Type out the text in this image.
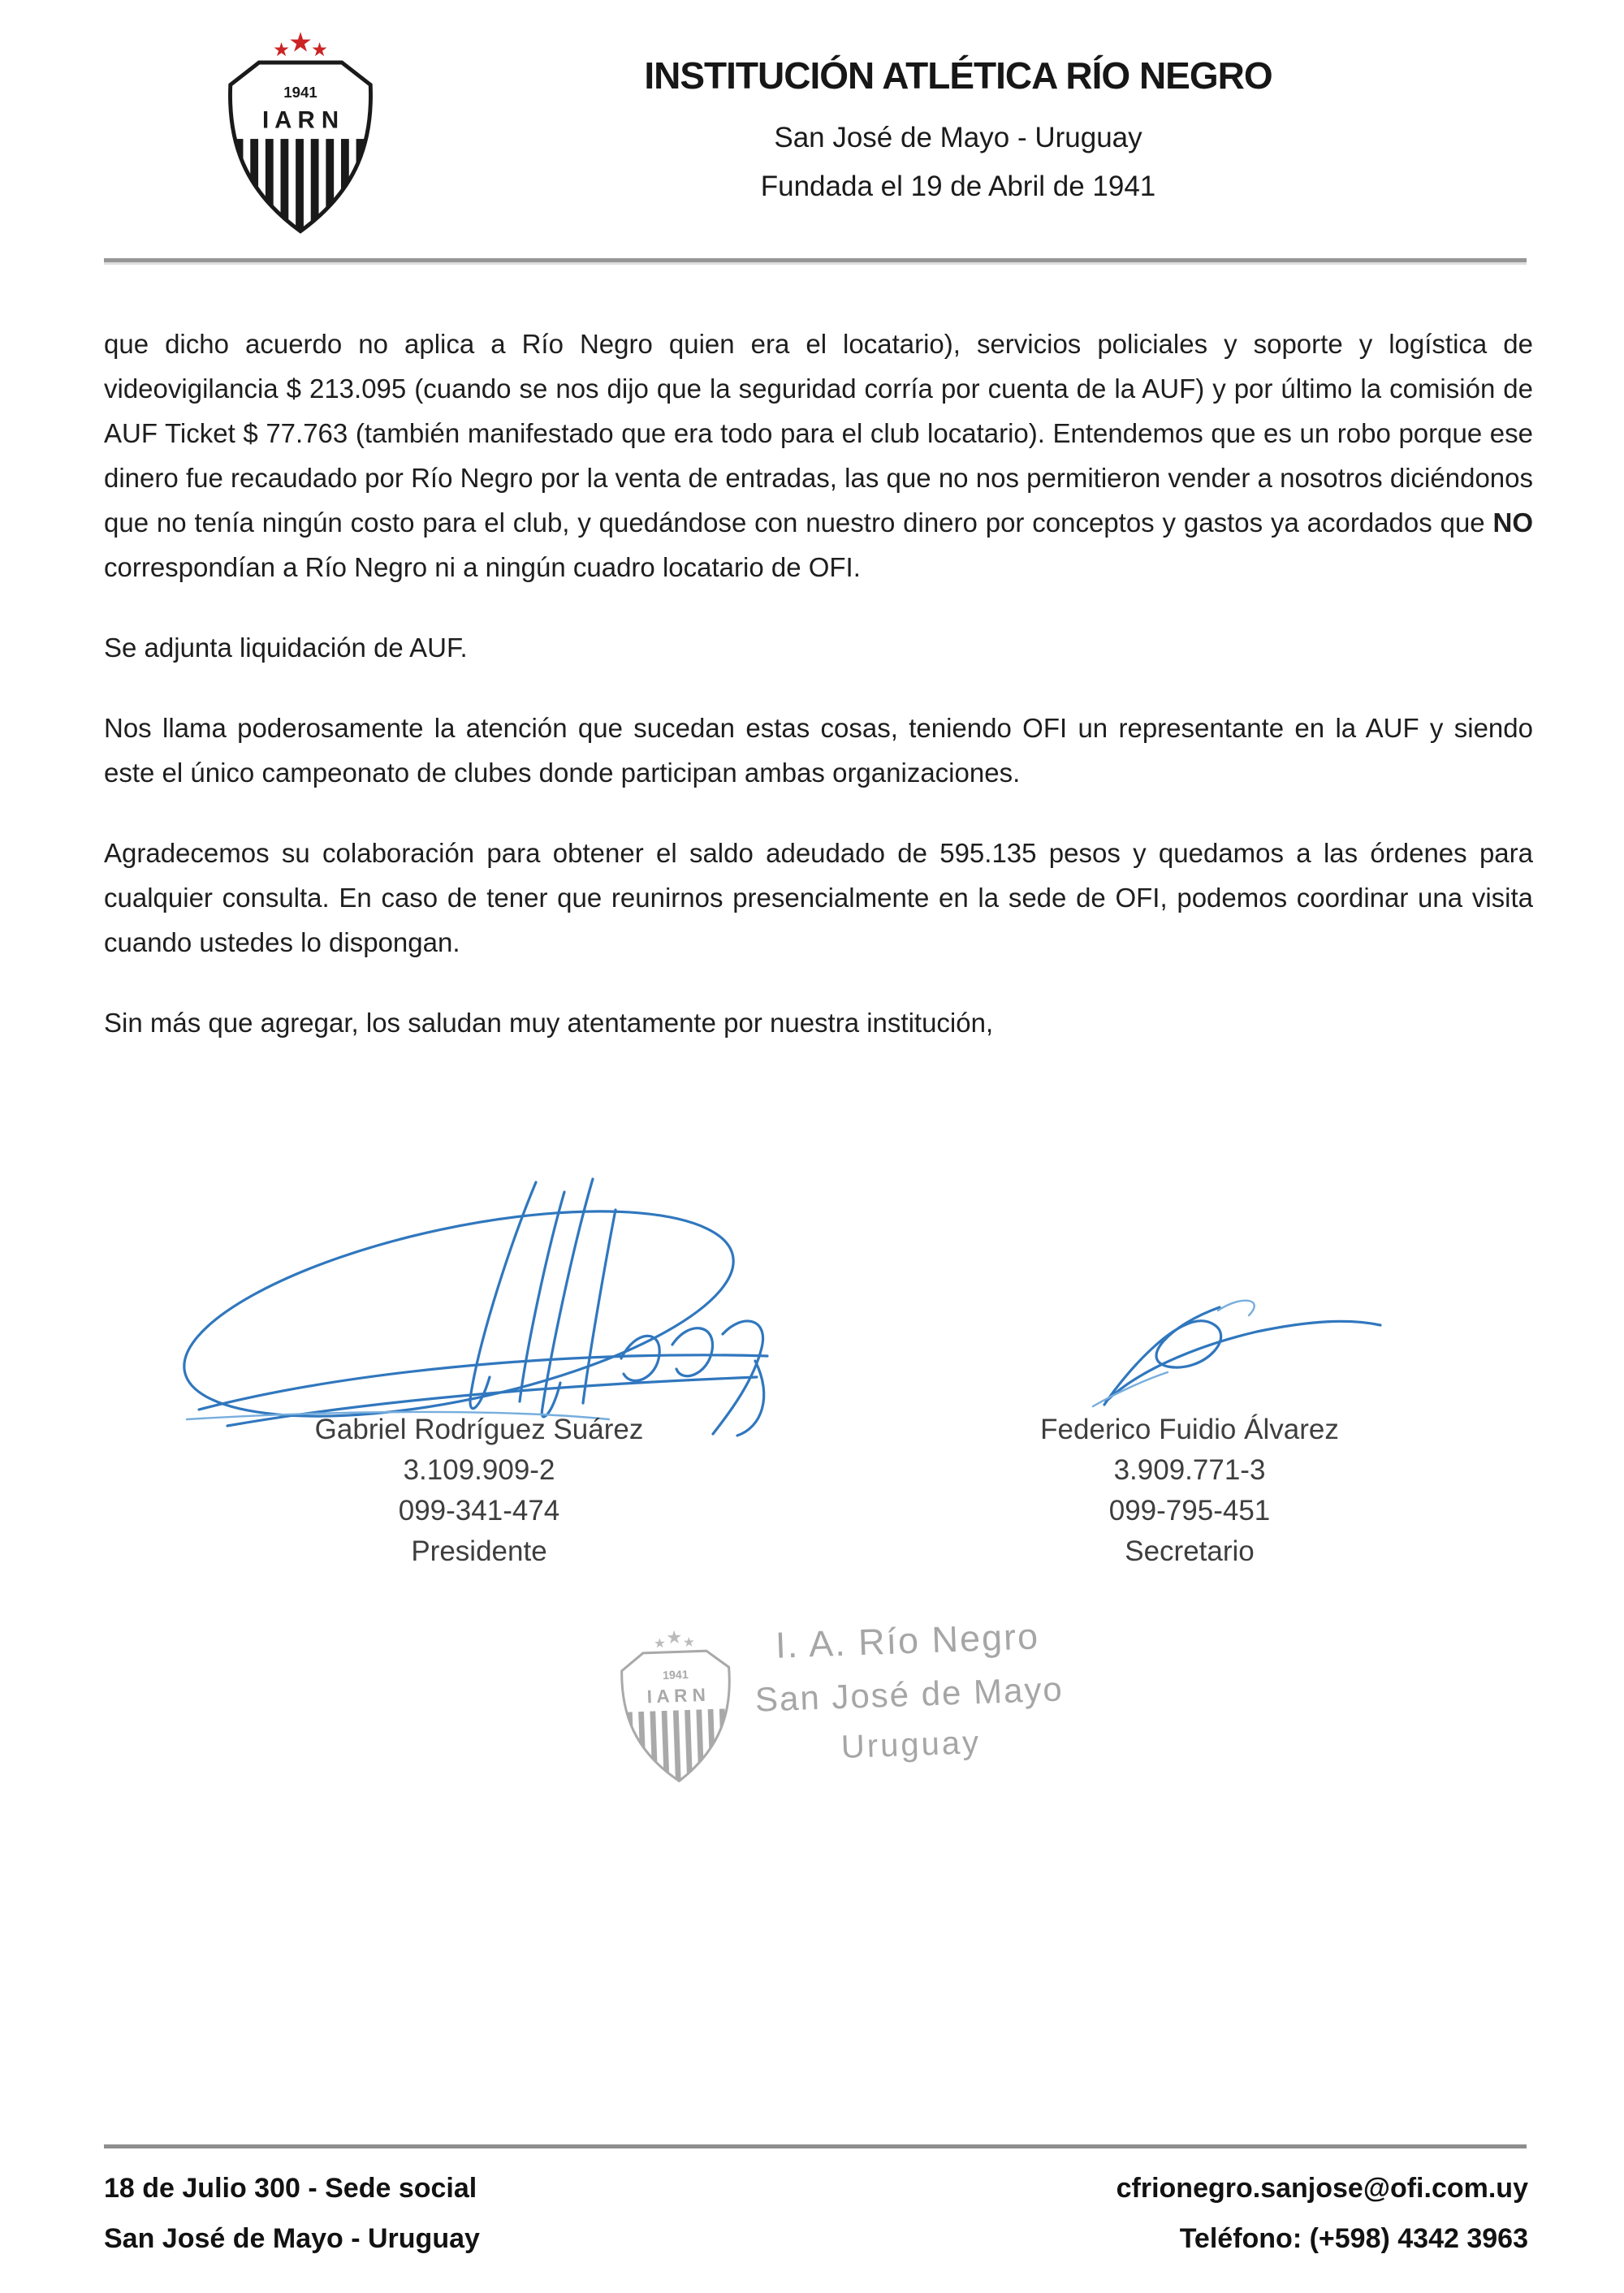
★
★
★
1941
I A R N
INSTITUCIÓN ATLÉTICA RÍO NEGRO
San José de Mayo - Uruguay
Fundada el 19 de Abril de 1941

que dicho acuerdo no aplica a Río Negro quien era el locatario), servicios policiales y soporte y logística de videovigilancia $ 213.095 (cuando se nos dijo que la seguridad corría por cuenta de la AUF) y por último la comisión de AUF Ticket $ 77.763 (también manifestado que era todo para el club locatario). Entendemos que es un robo porque ese dinero fue recaudado por Río Negro por la venta de entradas, las que no nos permitieron vender a nosotros diciéndonos que no tenía ningún costo para el club, y quedándose con nuestro dinero por conceptos y gastos ya acordados que NO correspondían a Río Negro ni a ningún cuadro locatario de OFI.

Se adjunta liquidación de AUF.

Nos llama poderosamente la atención que sucedan estas cosas, teniendo OFI un representante en la AUF y siendo este el único campeonato de clubes donde participan ambas organizaciones.

Agradecemos su colaboración para obtener el saldo adeudado de 595.135 pesos y quedamos a las órdenes para cualquier consulta. En caso de tener que reunirnos presencialmente en la sede de OFI, podemos coordinar una visita cuando ustedes lo dispongan.

Sin más que agregar, los saludan muy atentamente por nuestra institución,

Gabriel Rodríguez Suárez
3.109.909-2
099-341-474
Presidente
Federico Fuidio Álvarez
3.909.771-3
099-795-451
Secretario
★ ★ ★
1941
I A R N
I. A. Río Negro
San José de Mayo
Uruguay
18 de Julio 300 - Sede social
San José de Mayo - Uruguay
cfrionegro.sanjose@ofi.com.uy
Teléfono: (+598) 4342 3963
